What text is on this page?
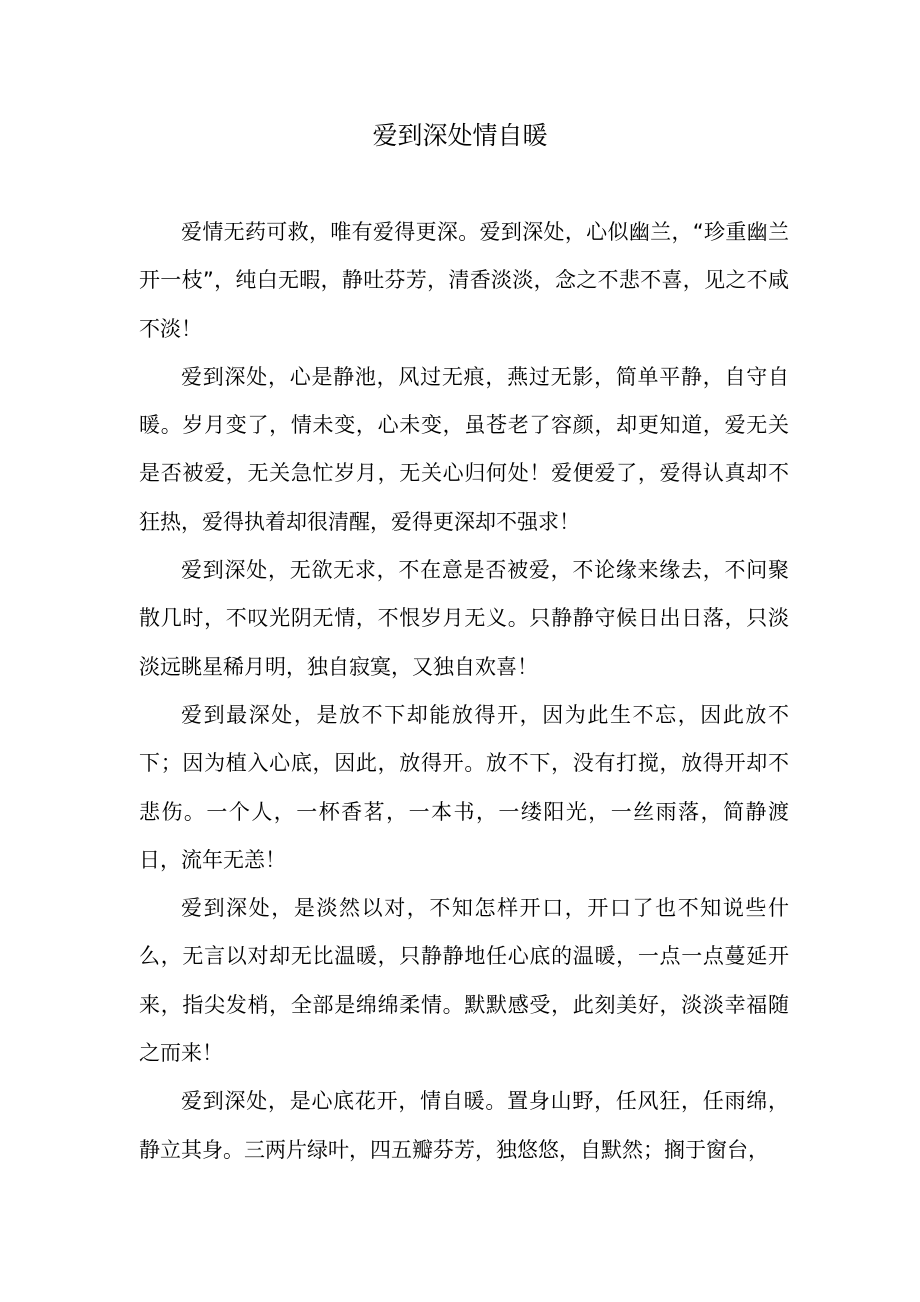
爱到深处情自暖

爱情无药可救，唯有爱得更深。爱到深处，心似幽兰，“珍重幽兰开一枝”，纯白无暇，静吐芬芳，清香淡淡，念之不悲不喜，见之不咸不淡！

爱到深处，心是静池，风过无痕，燕过无影，简单平静，自守自暖。岁月变了，情未变，心未变，虽苍老了容颜，却更知道，爱无关是否被爱，无关急忙岁月，无关心归何处！爱便爱了，爱得认真却不狂热，爱得执着却很清醒，爱得更深却不强求！

爱到深处，无欲无求，不在意是否被爱，不论缘来缘去，不问聚散几时，不叹光阴无情，不恨岁月无义。只静静守候日出日落，只淡淡远眺星稀月明，独自寂寞，又独自欢喜！

爱到最深处，是放不下却能放得开，因为此生不忘，因此放不下；因为植入心底，因此，放得开。放不下，没有打搅，放得开却不悲伤。一个人，一杯香茗，一本书，一缕阳光，一丝雨落，简静渡日，流年无恙！

爱到深处，是淡然以对，不知怎样开口，开口了也不知说些什么，无言以对却无比温暖，只静静地任心底的温暖，一点一点蔓延开来，指尖发梢，全部是绵绵柔情。默默感受，此刻美好，淡淡幸福随之而来！

爱到深处，是心底花开，情自暖。置身山野，任风狂，任雨绵，静立其身。三两片绿叶，四五瓣芬芳，独悠悠，自默然；搁于窗台，
